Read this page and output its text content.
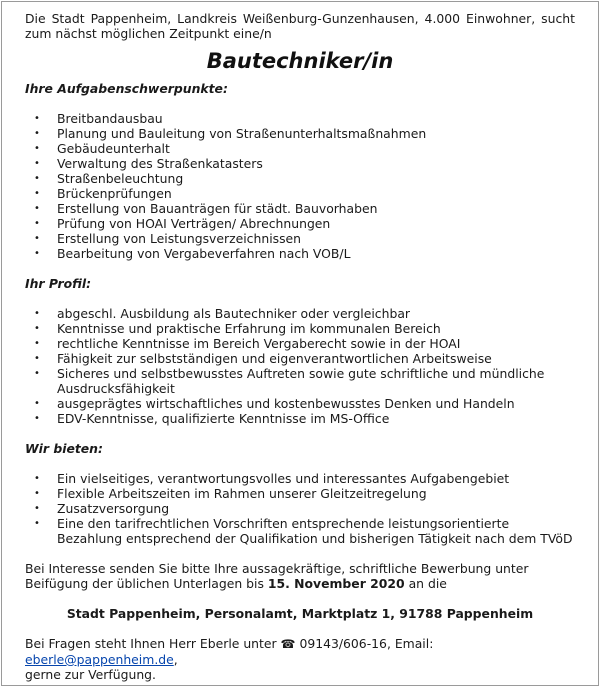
Die Stadt Pappenheim, Landkreis Weißenburg-Gunzenhausen, 4.000 Einwohner, sucht zum nächst möglichen Zeitpunkt eine/n

Bautechniker/in
Ihre Aufgabenschwerpunkte:
• Breitbandausbau
• Planung und Bauleitung von Straßenunterhaltsmaßnahmen
• Gebäudeunterhalt
• Verwaltung des Straßenkatasters
• Straßenbeleuchtung
• Brückenprüfungen
• Erstellung von Bauanträgen für städt. Bauvorhaben
• Prüfung von HOAI Verträgen/ Abrechnungen
• Erstellung von Leistungsverzeichnissen
• Bearbeitung von Vergabeverfahren nach VOB/L
Ihr Profil:
• abgeschl. Ausbildung als Bautechniker oder vergleichbar
• Kenntnisse und praktische Erfahrung im kommunalen Bereich
• rechtliche Kenntnisse im Bereich Vergaberecht sowie in der HOAI
• Fähigkeit zur selbstständigen und eigenverantwortlichen Arbeitsweise
• Sicheres und selbstbewusstes Auftreten sowie gute schriftliche und mündliche Ausdrucksfähigkeit
• ausgeprägtes wirtschaftliches und kostenbewusstes Denken und Handeln
• EDV-Kenntnisse, qualifizierte Kenntnisse im MS-Office
Wir bieten:
• Ein vielseitiges, verantwortungsvolles und interessantes Aufgabengebiet
• Flexible Arbeitszeiten im Rahmen unserer Gleitzeitregelung
• Zusatzversorgung
• Eine den tarifrechtlichen Vorschriften entsprechende leistungsorientierte Bezahlung entsprechend der Qualifikation und bisherigen Tätigkeit nach dem TVöD

Bei Interesse senden Sie bitte Ihre aussagekräftige, schriftliche Bewerbung unter Beifügung der üblichen Unterlagen bis 15. November 2020 an die

Stadt Pappenheim, Personalamt, Marktplatz 1, 91788 Pappenheim

Bei Fragen steht Ihnen Herr Eberle unter ☎ 09143/606-16, Email: eberle@pappenheim.de,
gerne zur Verfügung.
